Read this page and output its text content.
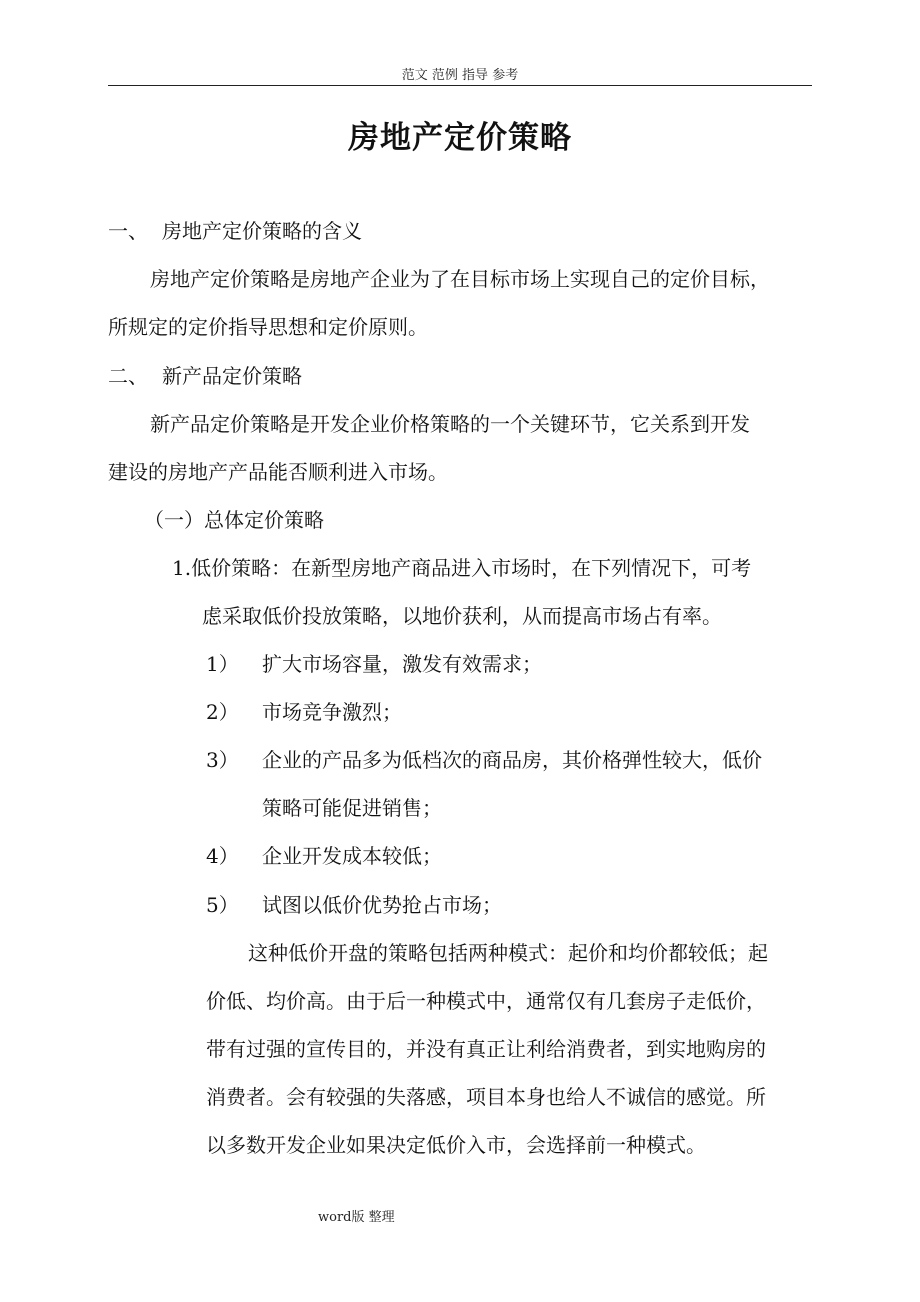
范文 范例 指导 参考
房地产定价策略
一、 房地产定价策略的含义
房地产定价策略是房地产企业为了在目标市场上实现自己的定价目标，
所规定的定价指导思想和定价原则。
二、 新产品定价策略
新产品定价策略是开发企业价格策略的一个关键环节，它关系到开发
建设的房地产产品能否顺利进入市场。
（一）总体定价策略
1.低价策略：在新型房地产商品进入市场时，在下列情况下，可考
虑采取低价投放策略，以地价获利，从而提高市场占有率。
1） 扩大市场容量，激发有效需求；
2） 市场竞争激烈；
3） 企业的产品多为低档次的商品房，其价格弹性较大，低价
策略可能促进销售；
4） 企业开发成本较低；
5） 试图以低价优势抢占市场；
这种低价开盘的策略包括两种模式：起价和均价都较低；起
价低、均价高。由于后一种模式中，通常仅有几套房子走低价，
带有过强的宣传目的，并没有真正让利给消费者，到实地购房的
消费者。会有较强的失落感，项目本身也给人不诚信的感觉。所
以多数开发企业如果决定低价入市，会选择前一种模式。
word版 整理
